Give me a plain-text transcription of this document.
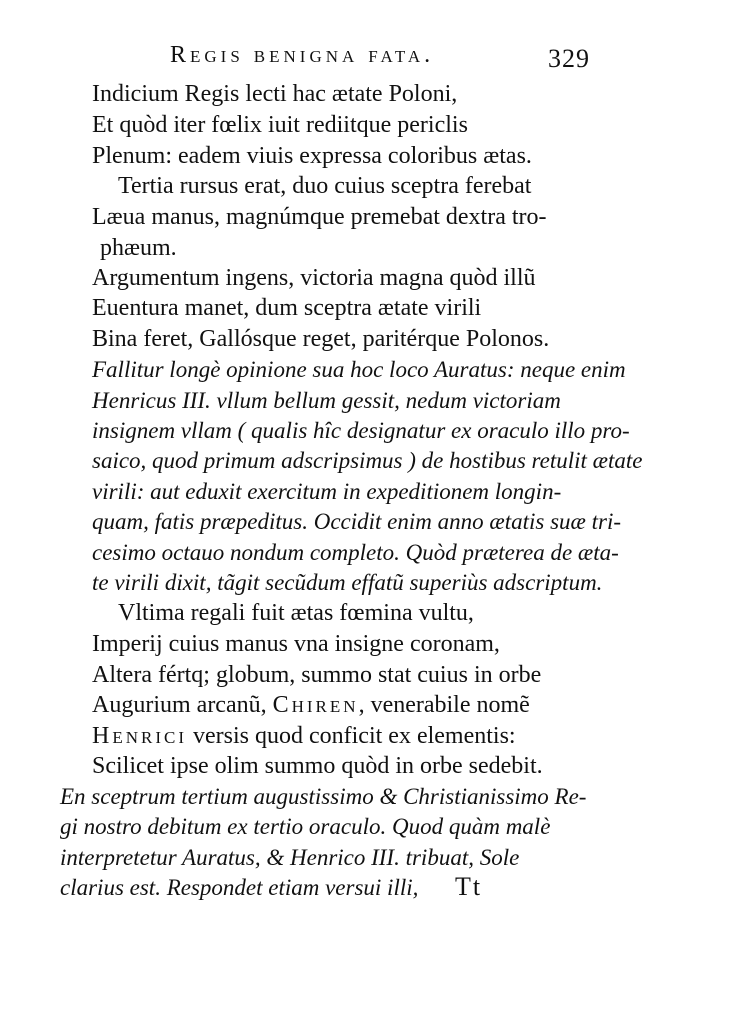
Regis benigna fata.	329
Indicium Regis lecti hac ætate Poloni,
Et quòd iter fœlix iuit rediitque periclis
Plenum: eadem viuis expressa coloribus ætas.
Tertia rursus erat, duo cuius sceptra ferebat
Læua manus, magnúmque premebat dextra tro-
phæum.
Argumentum ingens, victoria magna quòd illũ
Euentura manet, dum sceptra ætate virili
Bina feret, Gallósque reget, paritérque Polonos.
Fallitur longè opinione sua hoc loco Auratus: neque enim
Henricus III. vllum bellum gessit, nedum victoriam
insignem vllam ( qualis hîc designatur ex oraculo illo pro-
saico, quod primum adscripsimus ) de hostibus retulit ætate
virili: aut eduxit exercitum in expeditionem longin-
quam, fatis præpeditus. Occidit enim anno ætatis suæ tri-
cesimo octauo nondum completo. Quòd præterea de æta-
te virili dixit, tãgit secũdum effatũ superiùs adscriptum.
Vltima regali fuit ætas fœmina vultu,
Imperij cuius manus vna insigne coronam,
Altera fértq; globum, summo stat cuius in orbe
Augurium arcanũ, Chiren, venerabile nomẽ
Henrici versis quod conficit ex elementis:
Scilicet ipse olim summo quòd in orbe sedebit.
En sceptrum tertium augustissimo & Christianissimo Re-
gi nostro debitum ex tertio oraculo. Quod quàm malè
interpretetur Auratus, & Henrico III. tribuat, Sole
clarius est. Respondet etiam versui illi, Tt
